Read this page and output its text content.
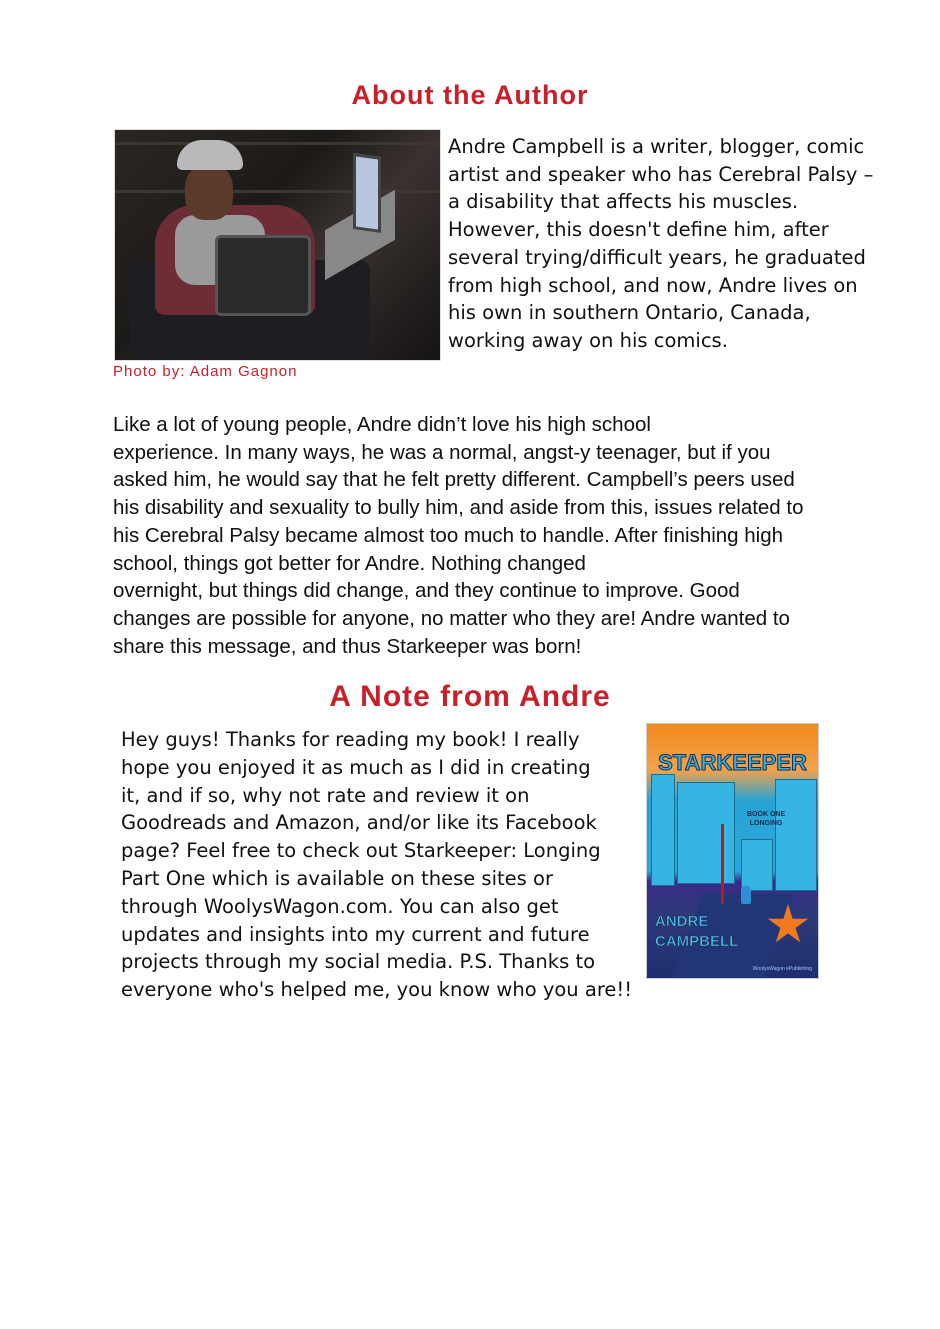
About the Author
Photo by: Adam Gagnon

Andre Campbell is a writer, blogger, comic
artist and speaker who has Cerebral Palsy –
a disability that affects his muscles.
However, this doesn't define him, after
several trying/difficult years, he graduated
from high school, and now, Andre lives on
his own in southern Ontario, Canada,
working away on his comics.

Like a lot of young people, Andre didn’t love his high school
experience. In many ways, he was a normal, angst-y teenager, but if you
asked him, he would say that he felt pretty different. Campbell’s peers used
his disability and sexuality to bully him, and aside from this, issues related to
his Cerebral Palsy became almost too much to handle. After finishing high
school, things got better for Andre. Nothing changed
overnight, but things did change, and they continue to improve. Good
changes are possible for anyone, no matter who they are! Andre wanted to
share this message, and thus Starkeeper was born!

A Note from Andre

Hey guys! Thanks for reading my book! I really
hope you enjoyed it as much as I did in creating
it, and if so, why not rate and review it on
Goodreads and Amazon, and/or like its Facebook
page? Feel free to check out Starkeeper: Longing
Part One which is available on these sites or
through WoolysWagon.com. You can also get
updates and insights into my current and future
projects through my social media. P.S. Thanks to
everyone who's helped me, you know who you are!!

STARKEEPER
BOOK ONE
LONGING
ANDRE
CAMPBELL
WoolysWagon ePublishing
